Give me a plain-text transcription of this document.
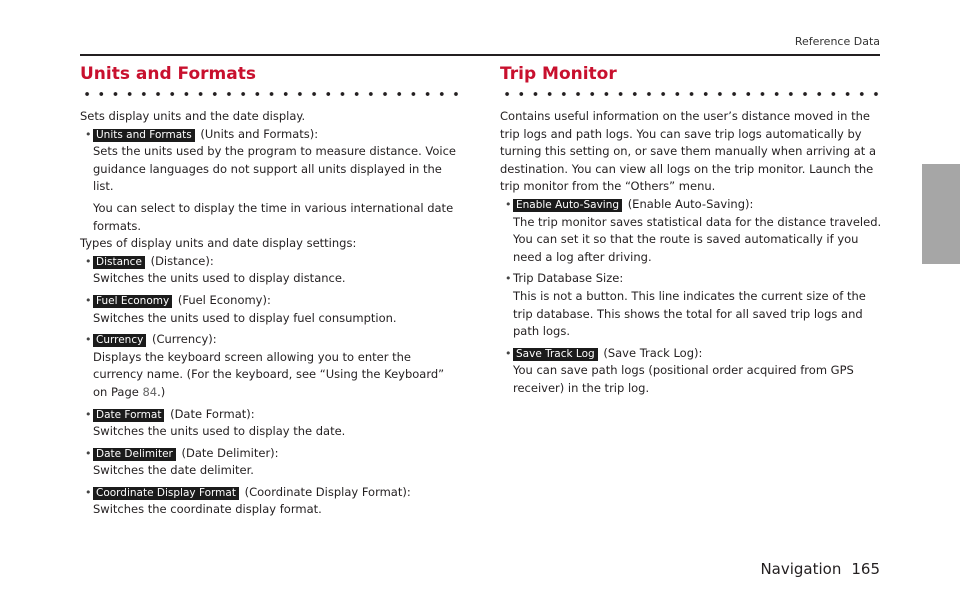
Reference Data
Units and Formats

Sets display units and the date display.

• Units and Formats (Units and Formats):

Sets the units used by the program to measure distance. Voice guidance languages do not support all units displayed in the list.

You can select to display the time in various international date formats.

Types of display units and date display settings:

• Distance (Distance):

Switches the units used to display distance.

• Fuel Economy (Fuel Economy):

Switches the units used to display fuel consumption.

• Currency (Currency):

Displays the keyboard screen allowing you to enter the currency name. (For the keyboard, see “Using the Keyboard” on Page 84.)

• Date Format (Date Format):

Switches the units used to display the date.

• Date Delimiter (Date Delimiter):

Switches the date delimiter.

• Coordinate Display Format (Coordinate Display Format):

Switches the coordinate display format.

Trip Monitor

Contains useful information on the user’s distance moved in the trip logs and path logs. You can save trip logs automatically by turning this setting on, or save them manually when arriving at a destination. You can view all logs on the trip monitor. Launch the trip monitor from the “Others” menu.

• Enable Auto-Saving (Enable Auto-Saving):

The trip monitor saves statistical data for the distance traveled. You can set it so that the route is saved automatically if you need a log after driving.

• Trip Database Size:

This is not a button. This line indicates the current size of the trip database. This shows the total for all saved trip logs and path logs.

• Save Track Log (Save Track Log):

You can save path logs (positional order acquired from GPS receiver) in the trip log.

Navigation 165
